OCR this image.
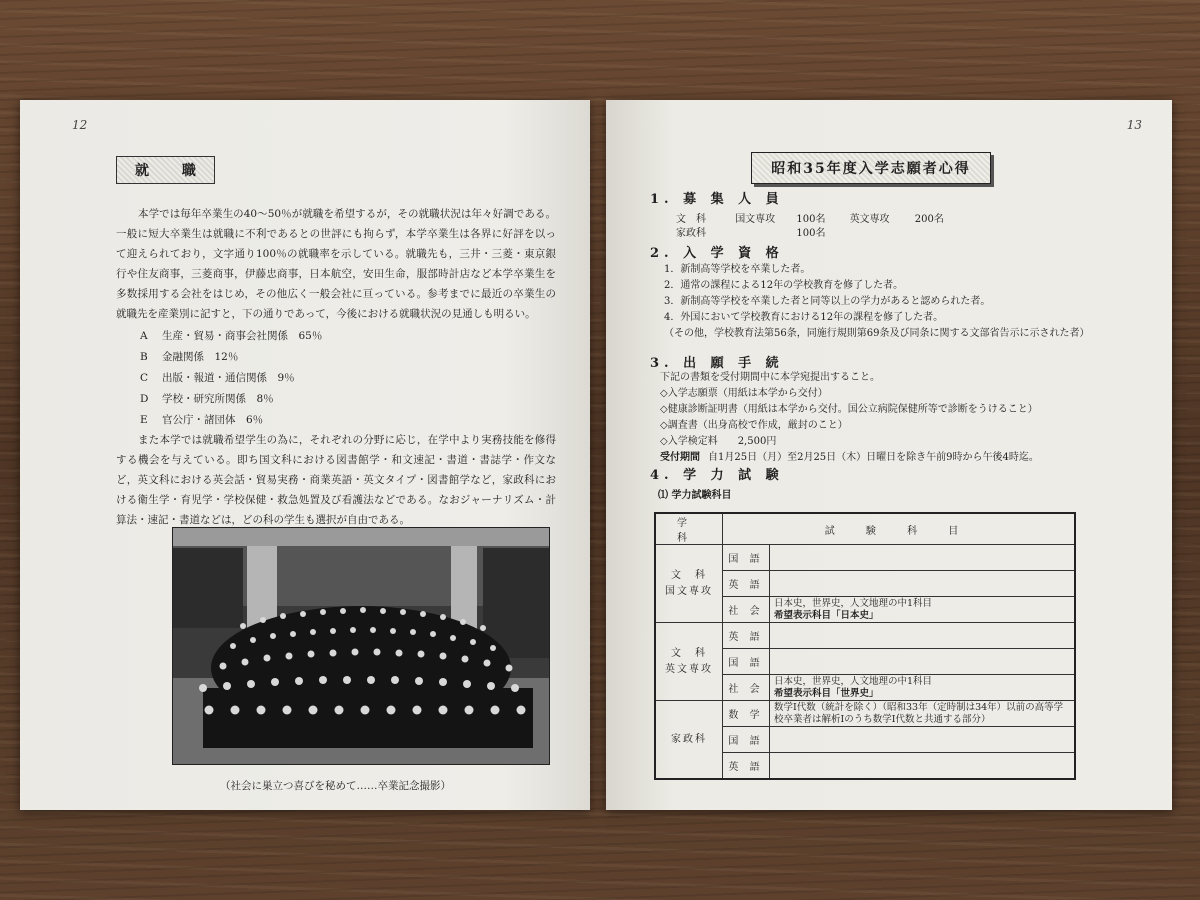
12
就 職

本学では毎年卒業生の40～50％が就職を希望するが，その就職状況は年々好調である。一般に短大卒業生は就職に不利であるとの世評にも拘らず，本学卒業生は各界に好評を以って迎えられており，文字通り100％の就職率を示している。就職先も，三井・三菱・東京銀行や住友商事，三菱商事，伊藤忠商事，日本航空，安田生命，服部時計店など本学卒業生を多数採用する会社をはじめ，その他広く一般会社に亘っている。参考までに最近の卒業生の就職先を産業別に記すと，下の通りであって，今後における就職状況の見通しも明るい。

A 生産・貿易・商事会社関係　65％
B 金融関係　12％
C 出版・報道・通信関係　9％
D 学校・研究所関係　8％
E 官公庁・諸団体　6％

また本学では就職希望学生の為に，それぞれの分野に応じ，在学中より実務技能を修得する機会を与えている。即ち国文科における図書館学・和文速記・書道・書誌学・作文など，英文科における英会話・貿易実務・商業英語・英文タイプ・図書館学など，家政科における衛生学・育児学・学校保健・救急処置及び看護法などである。なおジャーナリズム・計算法・速記・書道などは，どの科の学生も選択が自由である。

（社会に巣立つ喜びを秘めて……卒業記念撮影）
13
昭和35年度入学志願者心得
1. 募 集 人 員
文　科	国文専攻 100名 英文専攻	200名
家政科	100名
2. 入 学 資 格
1．新制高等学校を卒業した者。
2．通常の課程による12年の学校教育を修了した者。
3．新制高等学校を卒業した者と同等以上の学力があると認められた者。
4．外国において学校教育における12年の課程を修了した者。
（その他，学校教育法第56条，同施行規則第69条及び同条に関する文部省告示に示された者）
3. 出 願 手 続
下記の書類を受付期間中に本学宛提出すること。
◇入学志願票（用紙は本学から交付）
◇健康診断証明書（用紙は本学から交付。国公立病院保健所等で診断をうけること）
◇調査書（出身高校で作成，厳封のこと）
◇入学検定料　　2,500円
受付期間 自1月25日（月）至2月25日（木）日曜日を除き午前9時から午後4時迄。
4. 学 力 試 験
⑴ 学力試験科目
学 科	試 験 科 目	

文　科
国文専攻	国 語	

	英 語	

	社 会	日本史，世界史，人文地理の中1科目
希望表示科目「日本史」

文　科
英文専攻	英 語	

	国 語	

	社 会	日本史，世界史，人文地理の中1科目
希望表示科目「世界史」

家政科	数 学	数学Ⅰ代数（統計を除く）（昭和33年（定時制は34年）以前の高等学校卒業者は解析Ⅰのうち数学Ⅰ代数と共通する部分）

	国 語	

	英 語	
